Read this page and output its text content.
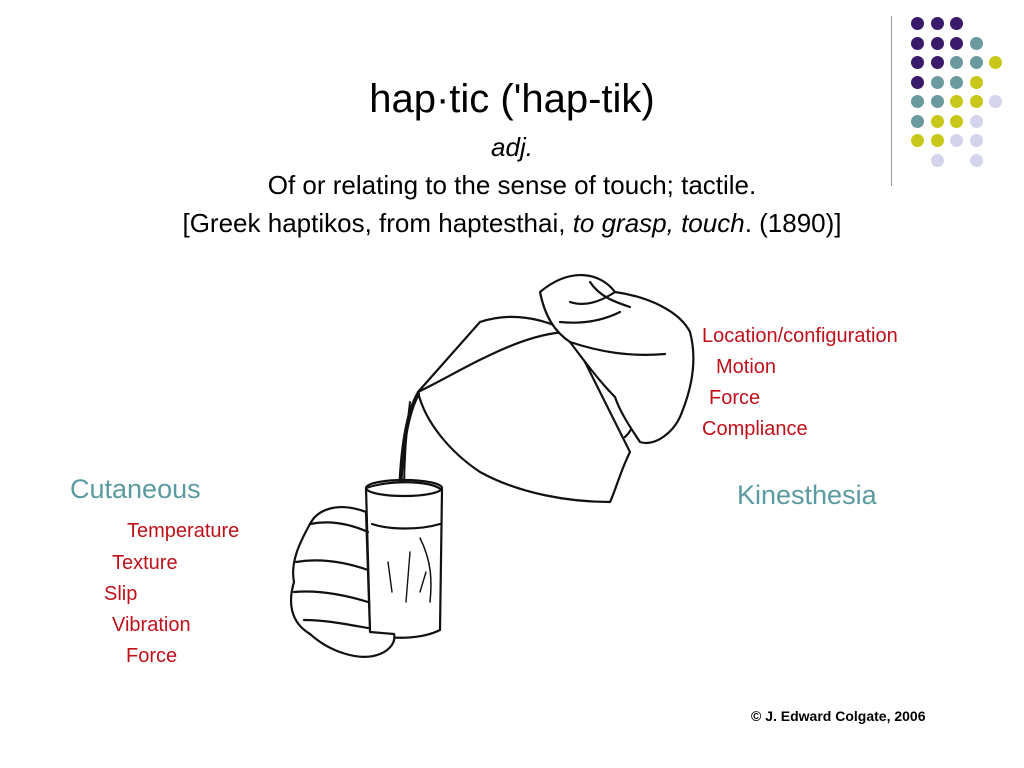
hap·tic ('hap-tik)
adj.
Of or relating to the sense of touch; tactile.
[Greek haptikos, from haptesthai, to grasp, touch. (1890)]
Location/configuration
Motion
Force
Compliance
Kinesthesia
Cutaneous
Temperature
Texture
Slip
Vibration
Force
© J. Edward Colgate, 2006
